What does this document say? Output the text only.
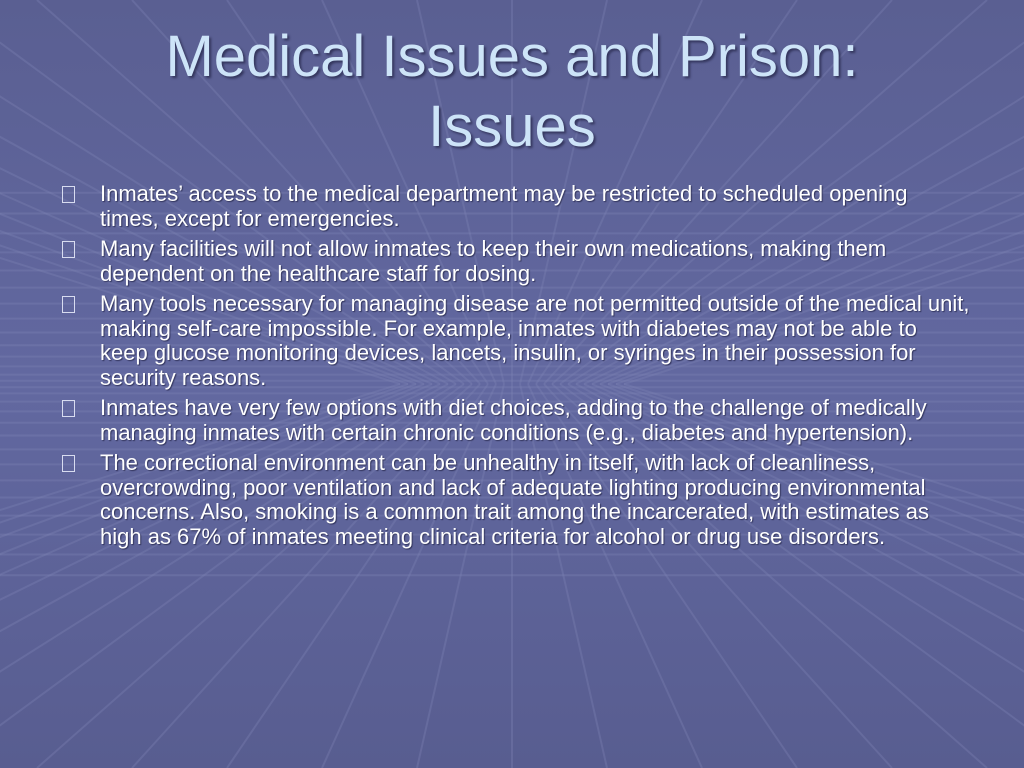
Medical Issues and Prison:
Issues
Inmates’ access to the medical department may be restricted to scheduled opening times, except for emergencies.
Many facilities will not allow inmates to keep their own medications, making them dependent on the healthcare staff for dosing.
Many tools necessary for managing disease are not permitted outside of the medical unit, making self-care impossible. For example, inmates with diabetes may not be able to keep glucose monitoring devices, lancets, insulin, or syringes in their possession for security reasons.
Inmates have very few options with diet choices, adding to the challenge of medically managing inmates with certain chronic conditions (e.g., diabetes and hypertension).
The correctional environment can be unhealthy in itself, with lack of cleanliness, overcrowding, poor ventilation and lack of adequate lighting producing environmental concerns. Also, smoking is a common trait among the incarcerated, with estimates as high as 67% of inmates meeting clinical criteria for alcohol or drug use disorders.
